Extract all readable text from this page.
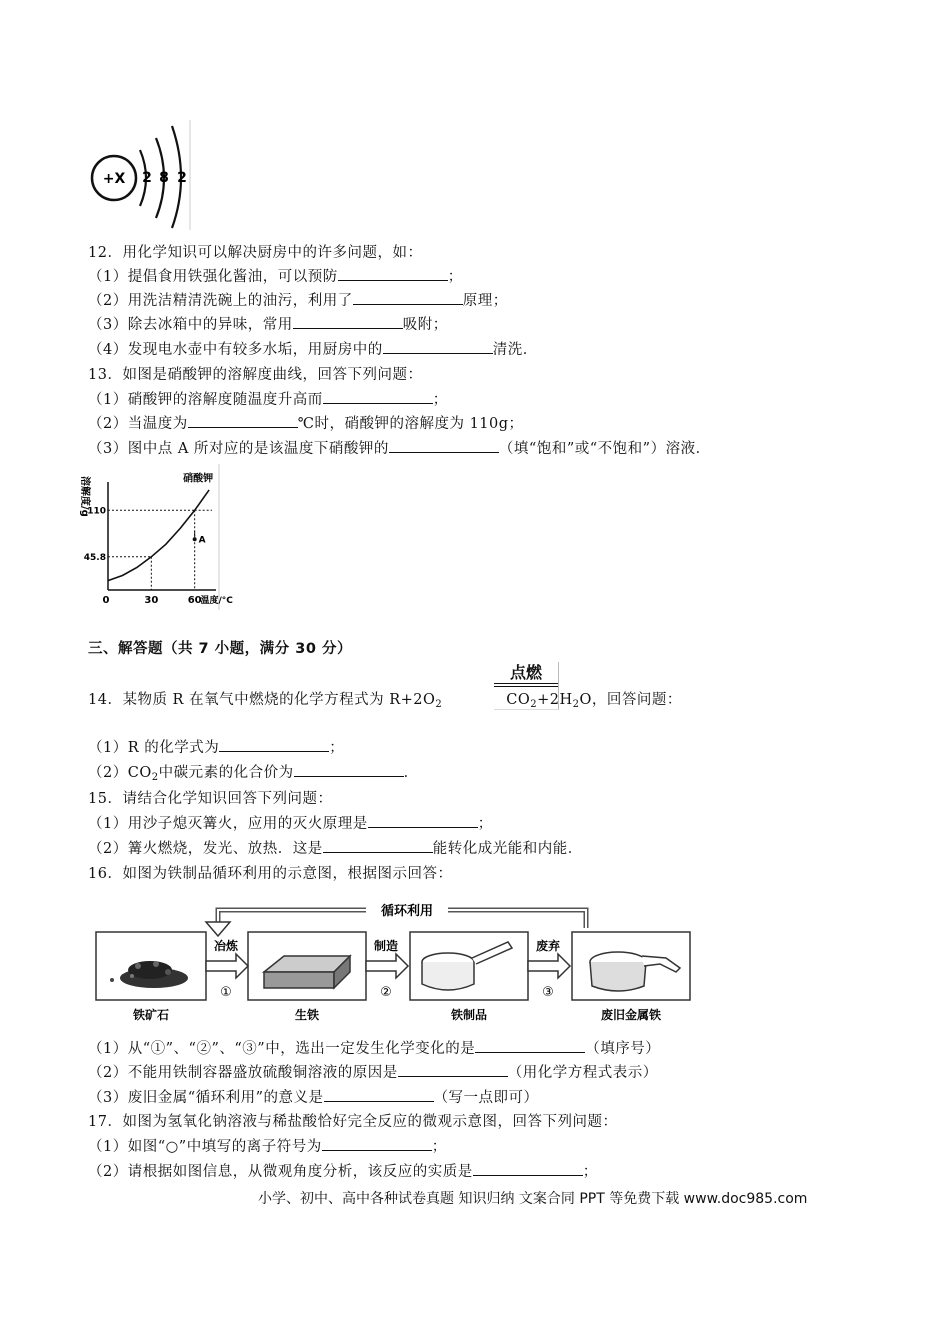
+X 2 8 2
12．用化学知识可以解决厨房中的许多问题，如：
（1）提倡食用铁强化酱油，可以预防	；
（2）用洗洁精清洗碗上的油污，利用了	原理；
（3）除去冰箱中的异味，常用	吸附；
（4）发现电水壶中有较多水垢，用厨房中的	清洗．
13．如图是硝酸钾的溶解度曲线，回答下列问题：
（1）硝酸钾的溶解度随温度升高而	；
（2）当温度为	℃时，硝酸钾的溶解度为 110g；
（3）图中点 A 所对应的是该温度下硝酸钾的	（填“饱和”或“不饱和”）溶液．
溶解度/g	硝酸钾
45.8
110
0	30	60
温度/°C
A
三、解答题（共 7 小题，满分 30 分）
点燃
14．某物质 R 在氧气中燃烧的化学方程式为 $R+2O_2$	$CO_2+2H_2O$，回答问题：
（1）R 的化学式为	；
$(2)CO_2$中碳元素的化合价为	．
15．请结合化学知识回答下列问题：
（1）用沙子熄灭篝火，应用的灭火原理是	；
（2）篝火燃烧，发光、放热．这是	能转化成光能和内能．
16．如图为铁制品循环利用的示意图，根据图示回答：
循环利用
冶炼
①
制造
②
废弃
③
铁矿石	生铁	铁制品	废旧金属铁
（1）从“①”、“②”、“③”中，选出一定发生化学变化的是	（填序号）
（2）不能用铁制容器盛放硫酸铜溶液的原因是	（用化学方程式表示）
（3）废旧金属“循环利用”的意义是	（写一点即可）
17．如图为氢氧化钠溶液与稀盐酸恰好完全反应的微观示意图，回答下列问题：
（1）如图“○”中填写的离子符号为	；
（2）请根据如图信息，从微观角度分析，该反应的实质是	；
小学、初中、高中各种试卷真题 知识归纳 文案合同 PPT 等免费下载 www.doc985.com
